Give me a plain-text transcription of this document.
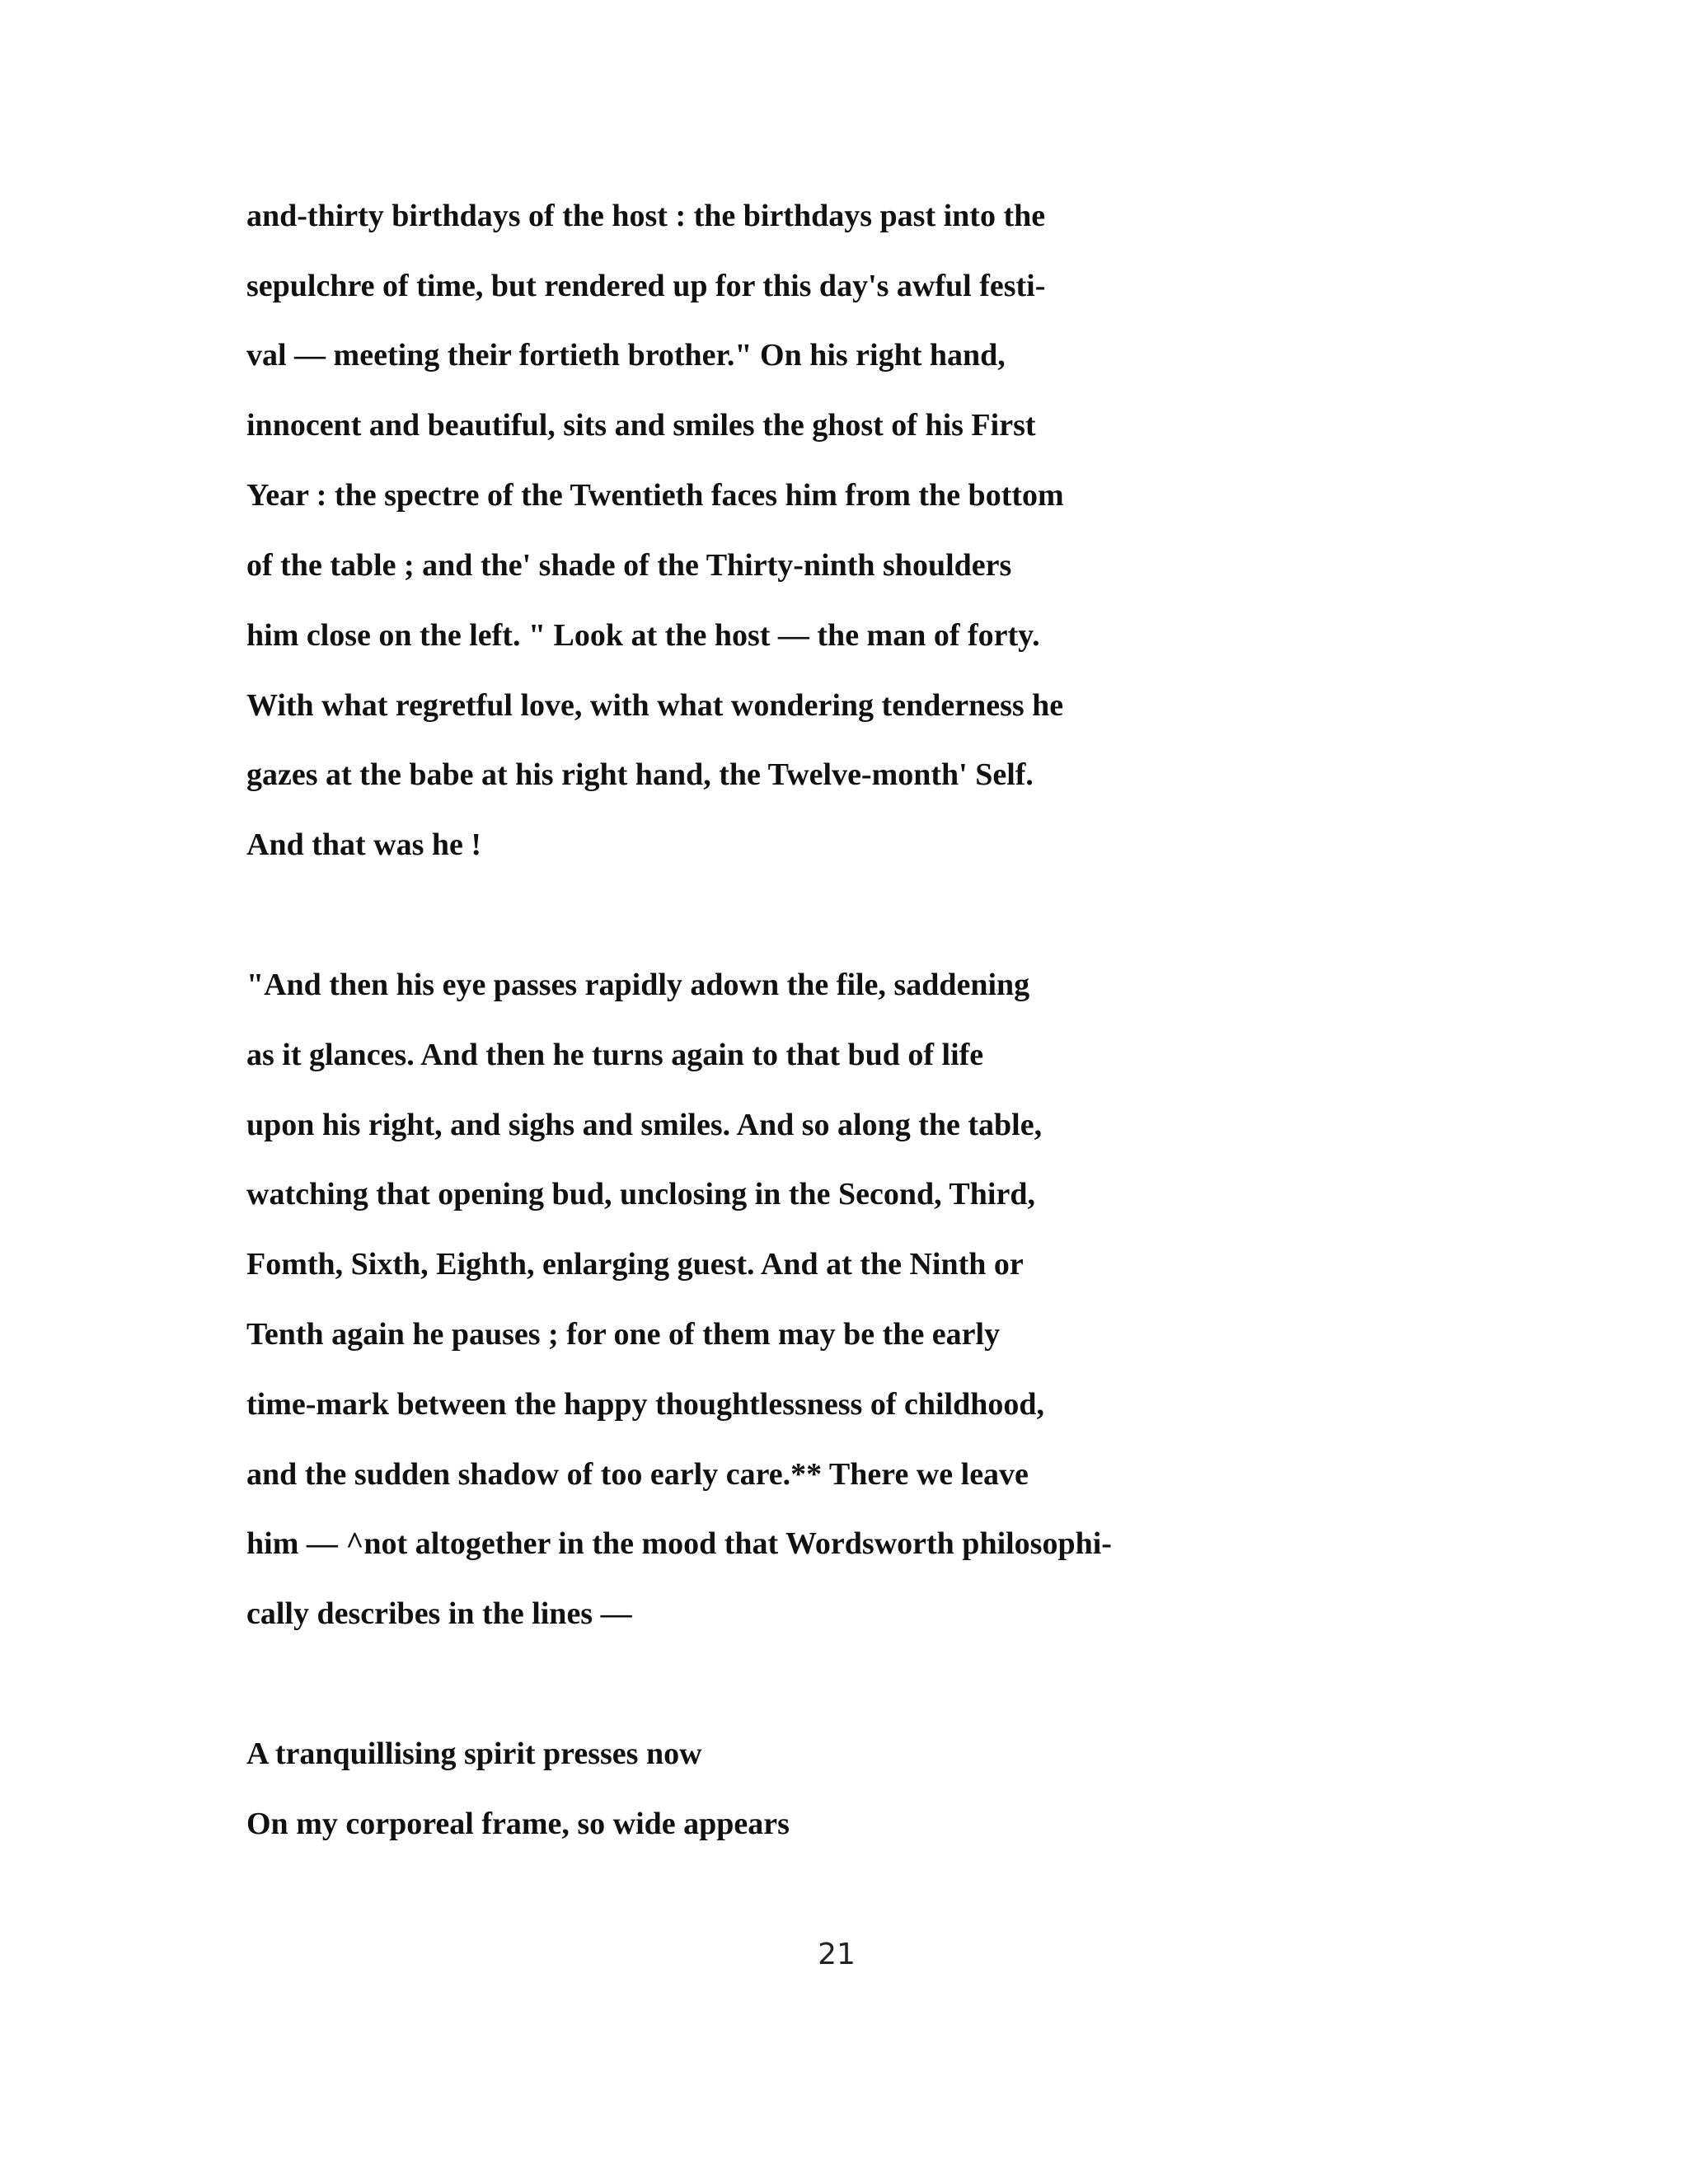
and-thirty birthdays of the host : the birthdays past into the
sepulchre of time, but rendered up for this day's awful festi-
val — meeting their fortieth brother." On his right hand,
innocent and beautiful, sits and smiles the ghost of his First
Year : the spectre of the Twentieth faces him from the bottom
of the table ; and the' shade of the Thirty-ninth shoulders
him close on the left. " Look at the host — the man of forty.
With what regretful love, with what wondering tenderness he
gazes at the babe at his right hand, the Twelve-month' Self.
And that was he !
"And then his eye passes rapidly adown the file, saddening
as it glances. And then he turns again to that bud of life
upon his right, and sighs and smiles. And so along the table,
watching that opening bud, unclosing in the Second, Third,
Fomth, Sixth, Eighth, enlarging guest. And at the Ninth or
Tenth again he pauses ; for one of them may be the early
time-mark between the happy thoughtlessness of childhood,
and the sudden shadow of too early care.** There we leave
him — ^not altogether in the mood that Wordsworth philosophi-
cally describes in the lines —
A tranquillising spirit presses now
On my corporeal frame, so wide appears
21
